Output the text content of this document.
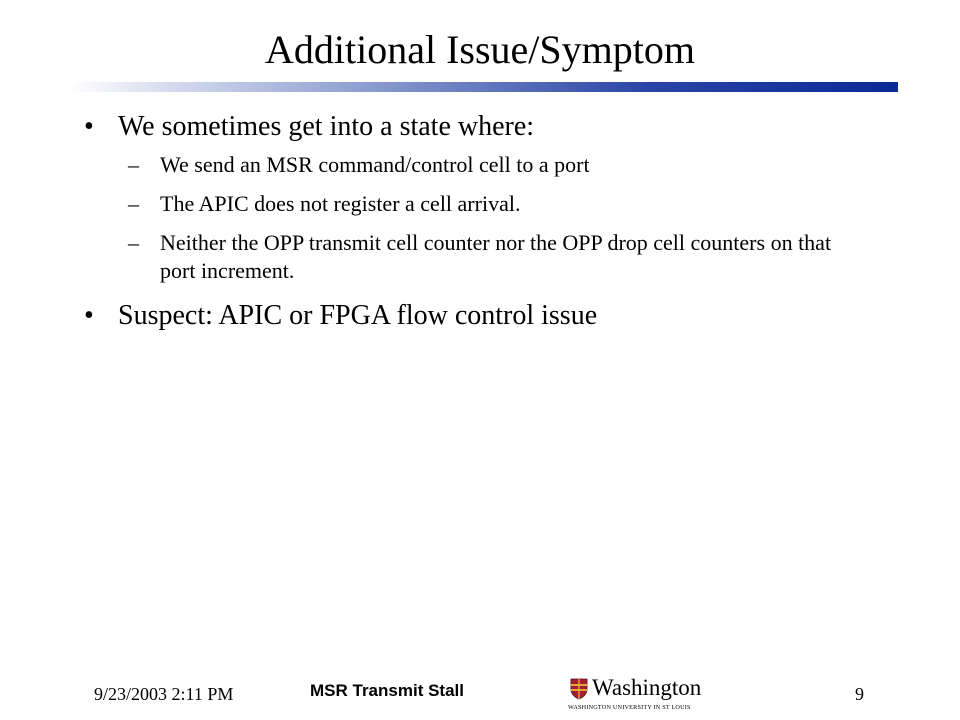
Additional Issue/Symptom
• We sometimes get into a state where:
– We send an MSR command/control cell to a port
– The APIC does not register a cell arrival.
– Neither the OPP transmit cell counter nor the OPP drop cell counters on that port increment.
• Suspect: APIC or FPGA flow control issue
9/23/2003 2:11 PM	MSR Transmit Stall	Washington
WASHINGTON UNIVERSITY IN ST LOUIS
9
